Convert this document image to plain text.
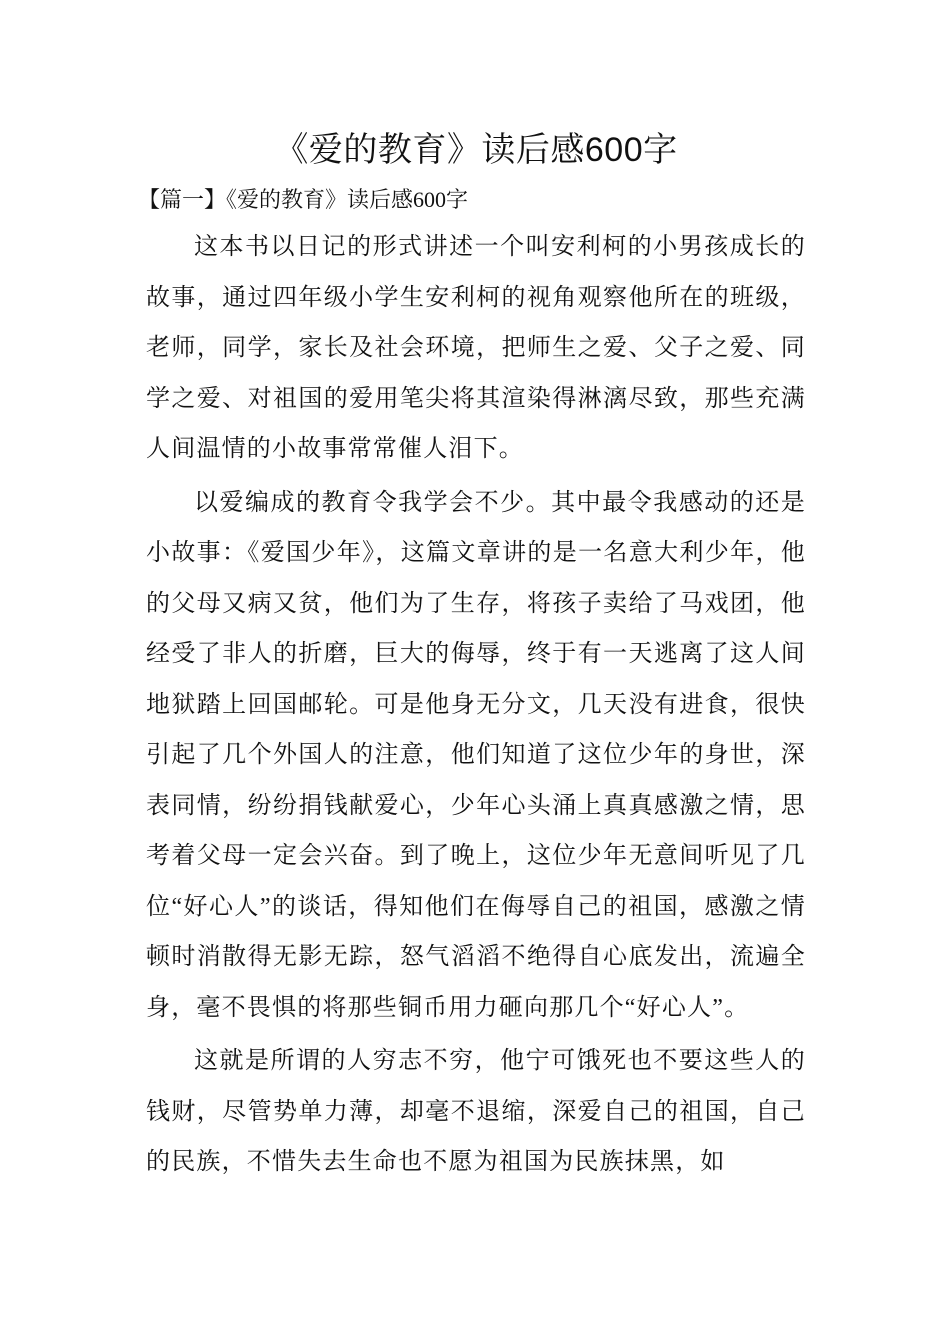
《爱的教育》读后感600字
【篇一】《爱的教育》读后感600字

这本书以日记的形式讲述一个叫安利柯的小男孩成长的故事，通过四年级小学生安利柯的视角观察他所在的班级，老师，同学，家长及社会环境，把师生之爱、父子之爱、同学之爱、对祖国的爱用笔尖将其渲染得淋漓尽致，那些充满人间温情的小故事常常催人泪下。

以爱编成的教育令我学会不少。其中最令我感动的还是小故事：《爱国少年》，这篇文章讲的是一名意大利少年，他的父母又病又贫，他们为了生存，将孩子卖给了马戏团，他经受了非人的折磨，巨大的侮辱，终于有一天逃离了这人间地狱踏上回国邮轮。可是他身无分文，几天没有进食，很快引起了几个外国人的注意，他们知道了这位少年的身世，深表同情，纷纷捐钱献爱心，少年心头涌上真真感激之情，思考着父母一定会兴奋。到了晚上，这位少年无意间听见了几位“好心人”的谈话，得知他们在侮辱自己的祖国，感激之情顿时消散得无影无踪，怒气滔滔不绝得自心底发出，流遍全身，毫不畏惧的将那些铜币用力砸向那几个“好心人”。

这就是所谓的人穷志不穷，他宁可饿死也不要这些人的钱财，尽管势单力薄，却毫不退缩，深爱自己的祖国，自己的民族，不惜失去生命也不愿为祖国为民族抹黑，如
